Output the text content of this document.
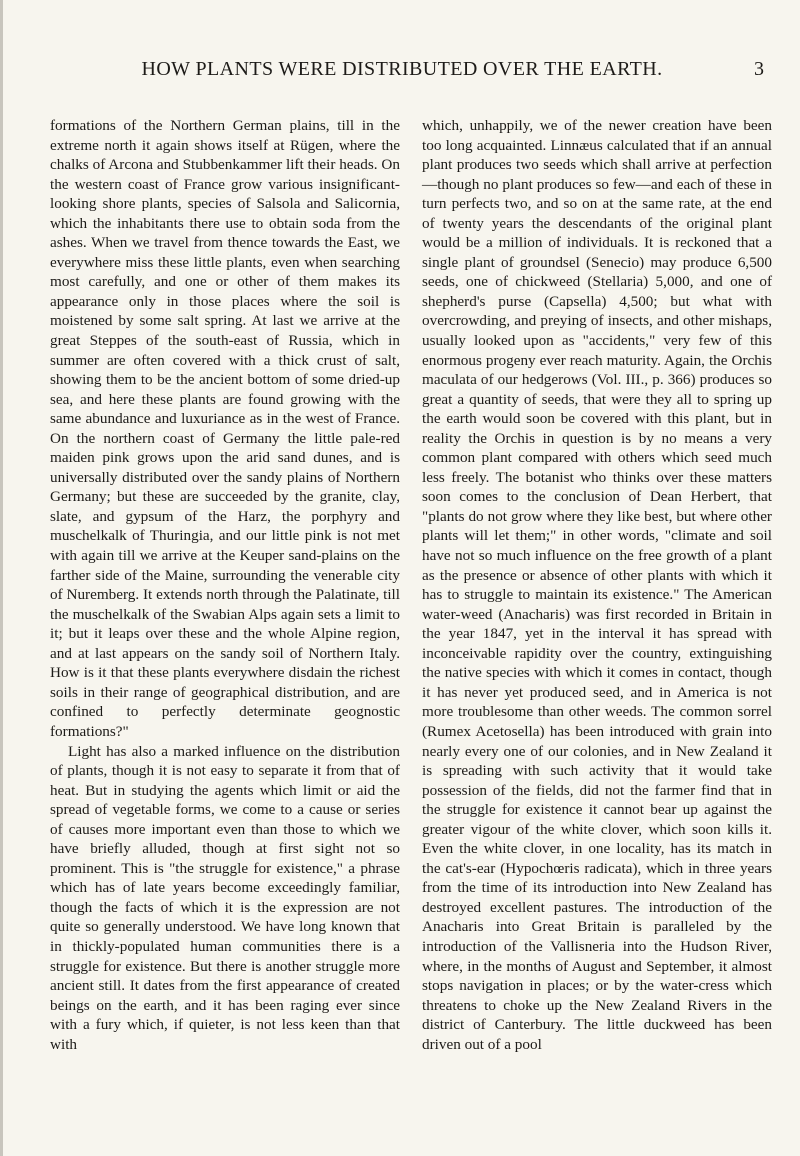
HOW PLANTS WERE DISTRIBUTED OVER THE EARTH.	3

formations of the Northern German plains, till in the extreme north it again shows itself at Rügen, where the chalks of Arcona and Stubbenkammer lift their heads. On the western coast of France grow various insignificant-looking shore plants, species of Salsola and Salicornia, which the inhabitants there use to obtain soda from the ashes. When we travel from thence towards the East, we everywhere miss these little plants, even when searching most carefully, and one or other of them makes its appearance only in those places where the soil is moistened by some salt spring. At last we arrive at the great Steppes of the south-east of Russia, which in summer are often covered with a thick crust of salt, showing them to be the ancient bottom of some dried-up sea, and here these plants are found growing with the same abundance and luxuriance as in the west of France. On the northern coast of Germany the little pale-red maiden pink grows upon the arid sand dunes, and is universally distributed over the sandy plains of Northern Germany; but these are succeeded by the granite, clay, slate, and gypsum of the Harz, the porphyry and muschelkalk of Thuringia, and our little pink is not met with again till we arrive at the Keuper sand-plains on the farther side of the Maine, surrounding the venerable city of Nuremberg. It extends north through the Palatinate, till the muschelkalk of the Swabian Alps again sets a limit to it; but it leaps over these and the whole Alpine region, and at last appears on the sandy soil of Northern Italy. How is it that these plants everywhere disdain the richest soils in their range of geographical distribution, and are confined to perfectly determinate geognostic formations?"

Light has also a marked influence on the distribution of plants, though it is not easy to separate it from that of heat. But in studying the agents which limit or aid the spread of vegetable forms, we come to a cause or series of causes more important even than those to which we have briefly alluded, though at first sight not so prominent. This is "the struggle for existence," a phrase which has of late years become exceedingly familiar, though the facts of which it is the expression are not quite so generally understood. We have long known that in thickly-populated human communities there is a struggle for existence. But there is another struggle more ancient still. It dates from the first appearance of created beings on the earth, and it has been raging ever since with a fury which, if quieter, is not less keen than that with

which, unhappily, we of the newer creation have been too long acquainted. Linnæus calculated that if an annual plant produces two seeds which shall arrive at perfection—though no plant produces so few—and each of these in turn perfects two, and so on at the same rate, at the end of twenty years the descendants of the original plant would be a million of individuals. It is reckoned that a single plant of groundsel (Senecio) may produce 6,500 seeds, one of chickweed (Stellaria) 5,000, and one of shepherd's purse (Capsella) 4,500; but what with overcrowding, and preying of insects, and other mishaps, usually looked upon as "accidents," very few of this enormous progeny ever reach maturity. Again, the Orchis maculata of our hedgerows (Vol. III., p. 366) produces so great a quantity of seeds, that were they all to spring up the earth would soon be covered with this plant, but in reality the Orchis in question is by no means a very common plant compared with others which seed much less freely. The botanist who thinks over these matters soon comes to the conclusion of Dean Herbert, that "plants do not grow where they like best, but where other plants will let them;" in other words, "climate and soil have not so much influence on the free growth of a plant as the presence or absence of other plants with which it has to struggle to maintain its existence." The American water-weed (Anacharis) was first recorded in Britain in the year 1847, yet in the interval it has spread with inconceivable rapidity over the country, extinguishing the native species with which it comes in contact, though it has never yet produced seed, and in America is not more troublesome than other weeds. The common sorrel (Rumex Acetosella) has been introduced with grain into nearly every one of our colonies, and in New Zealand it is spreading with such activity that it would take possession of the fields, did not the farmer find that in the struggle for existence it cannot bear up against the greater vigour of the white clover, which soon kills it. Even the white clover, in one locality, has its match in the cat's-ear (Hypochœris radicata), which in three years from the time of its introduction into New Zealand has destroyed excellent pastures. The introduction of the Anacharis into Great Britain is paralleled by the introduction of the Vallisneria into the Hudson River, where, in the months of August and September, it almost stops navigation in places; or by the water-cress which threatens to choke up the New Zealand Rivers in the district of Canterbury. The little duckweed has been driven out of a pool
